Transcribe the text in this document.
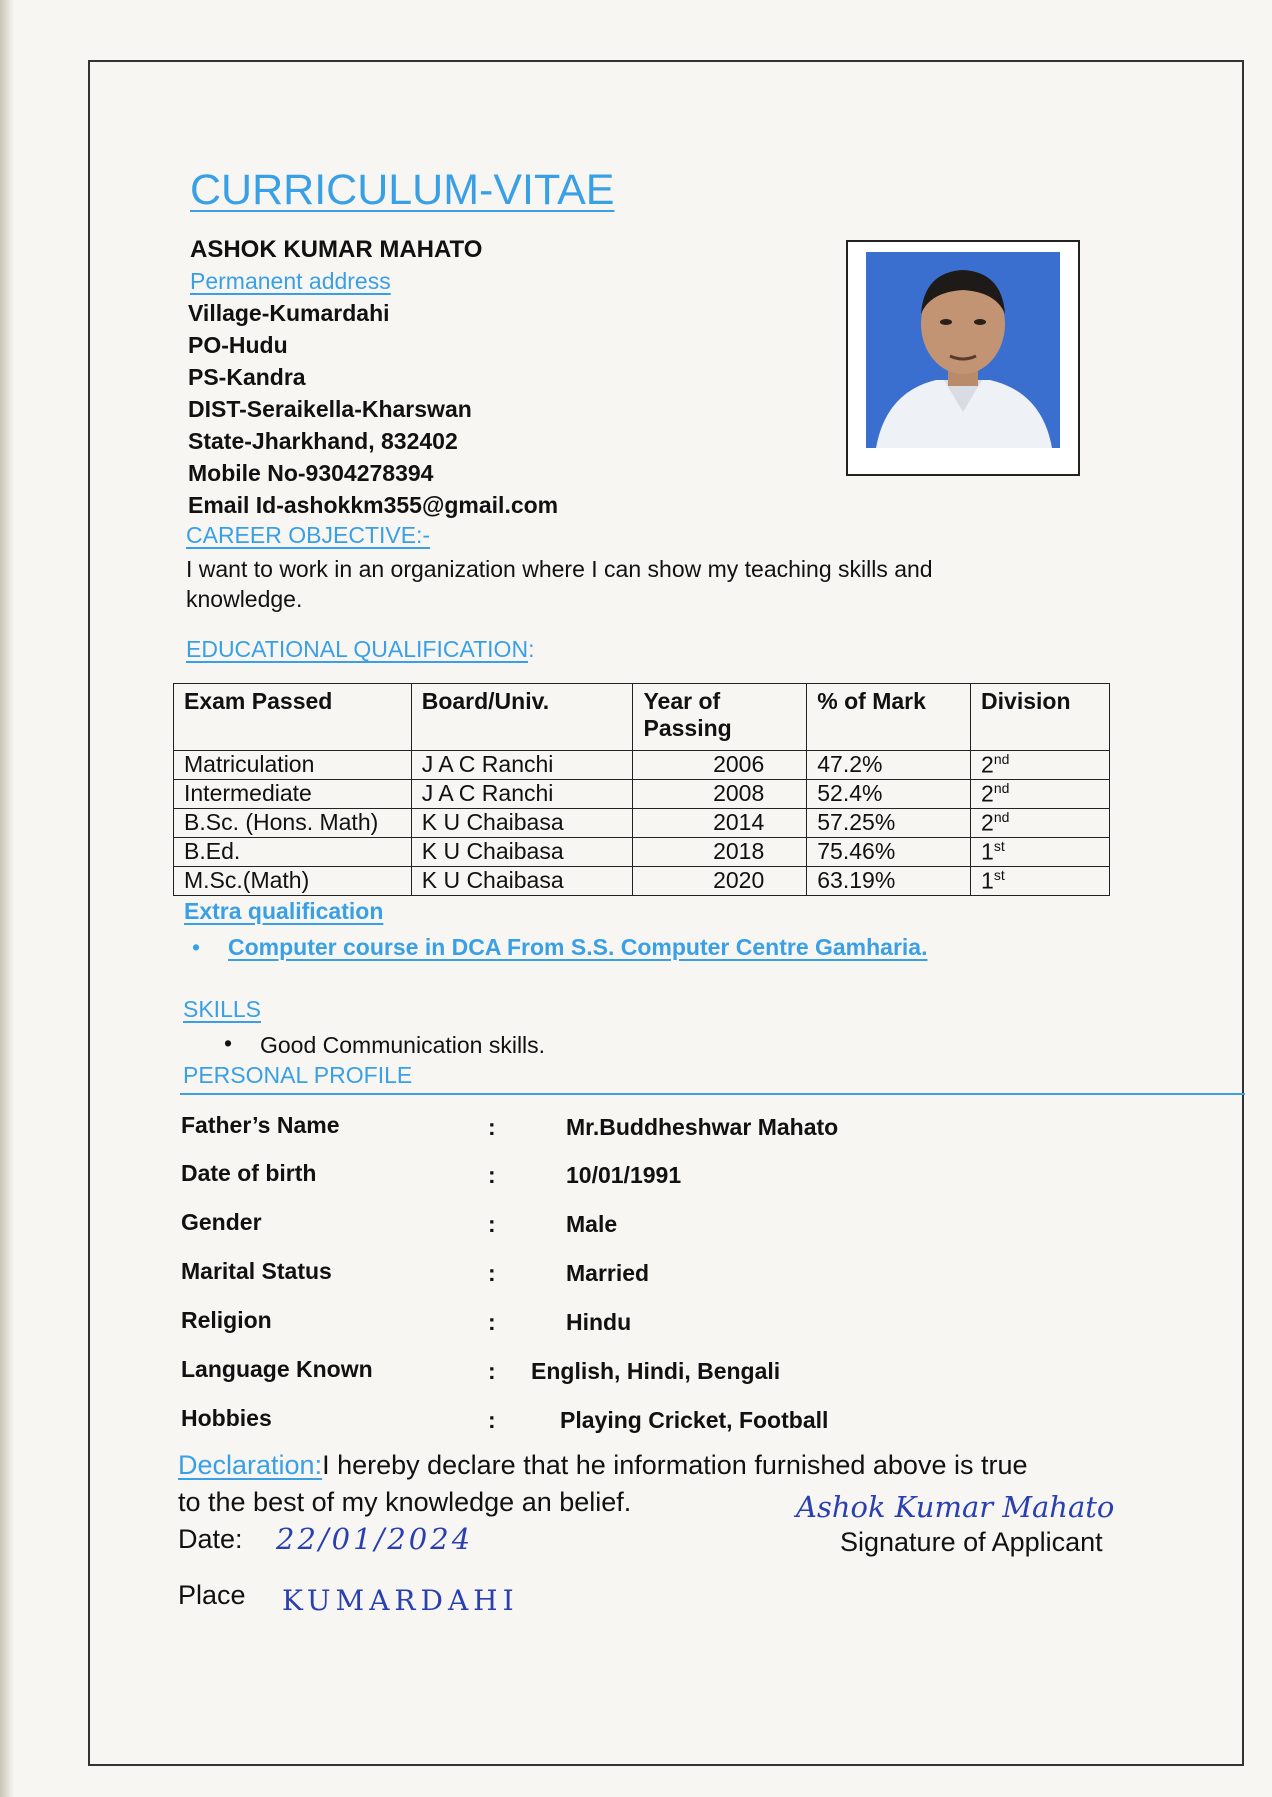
CURRICULUM-VITAE
ASHOK KUMAR MAHATO
Permanent address
Village-Kumardahi
PO-Hudu
PS-Kandra
DIST-Seraikella-Kharswan
State-Jharkhand, 832402
Mobile No-9304278394
Email Id-ashokkm355@gmail.com
CAREER OBJECTIVE:-
I want to work in an organization where I can show my teaching skills and
knowledge.
EDUCATIONAL QUALIFICATION:
Exam Passed	Board/Univ.	Year of Passing	% of Mark	Division
Matriculation	J A C Ranchi	2006	47.2%	2nd
Intermediate	J A C Ranchi	2008	52.4%	2nd
B.Sc. (Hons. Math)	K U Chaibasa	2014	57.25%	2nd
B.Ed.	K U Chaibasa	2018	75.46%	1st
M.Sc.(Math)	K U Chaibasa	2020	63.19%	1st
Extra qualification
• Computer course in DCA From S.S. Computer Centre Gamharia.
SKILLS
• Good Communication skills.
PERSONAL PROFILE
Father’s Name	:	Mr.Buddheshwar Mahato
Date of birth	:	10/01/1991
Gender	:	Male
Marital Status	:	Married
Religion	:	Hindu
Language Known	: English, Hindi, Bengali
Hobbies	:	Playing Cricket, Football
Declaration:I hereby declare that he information furnished above is true
to the best of my knowledge an belief.	Ashok Kumar Mahato
Signature of Applicant
Date: 22/01/2024
Place KUMARDAHI
